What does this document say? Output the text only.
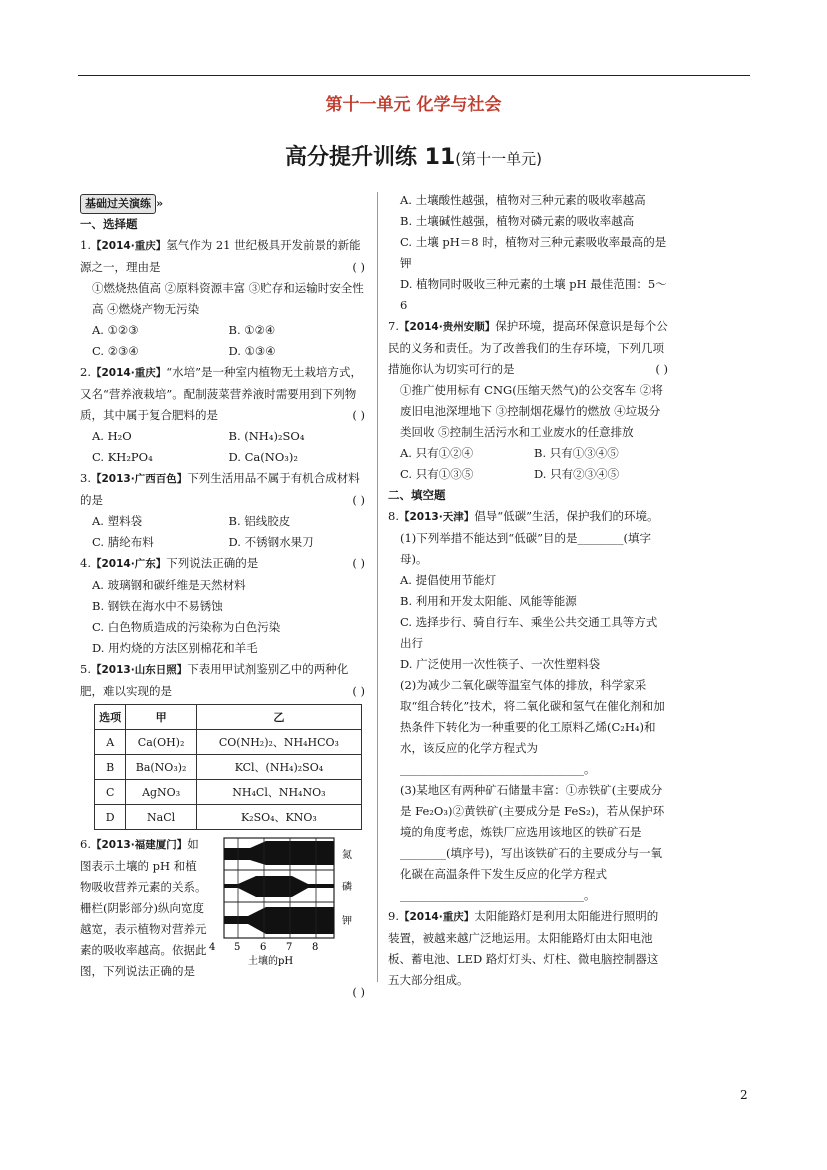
第十一单元 化学与社会
高分提升训练 11(第十一单元)
基础过关演练 »
一、选择题
1.【2014·重庆】氢气作为 21 世纪极具开发前景的新能源之一，理由是	( )
①燃烧热值高 ②原料资源丰富 ③贮存和运输时安全性高 ④燃烧产物无污染
A. ①②③	B. ①②④
C. ②③④	D. ①③④
2.【2014·重庆】“水培”是一种室内植物无土栽培方式，又名“营养液栽培”。配制菠菜营养液时需要用到下列物质，其中属于复合肥料的是	( )
A. H₂O	B. (NH₄)₂SO₄
C. KH₂PO₄	D. Ca(NO₃)₂
3.【2013·广西百色】下列生活用品不属于有机合成材料的是	( )
A. 塑料袋	B. 铝线胶皮
C. 腈纶布料	D. 不锈钢水果刀
4.【2014·广东】下列说法正确的是	( )
A. 玻璃钢和碳纤维是天然材料
B. 钢铁在海水中不易锈蚀
C. 白色物质造成的污染称为白色污染
D. 用灼烧的方法区别棉花和羊毛
5.【2013·山东日照】下表用甲试剂鉴别乙中的两种化肥，难以实现的是	( )
选项	甲	乙
A	Ca(OH)₂	CO(NH₂)₂、NH₄HCO₃
B	Ba(NO₃)₂	KCl、(NH₄)₂SO₄
C	AgNO₃	NH₄Cl、NH₄NO₃
D	NaCl	K₂SO₄、KNO₃
6.【2013·福建厦门】如图表示土壤的 pH 和植物吸收营养元素的关系。栅栏(阴影部分)纵向宽度越宽，表示植物对营养元素的吸收率越高。依据此图，下列说法正确的是
氮
磷
钾
4 5 6 7 8
土壤的pH
( )
A. 土壤酸性越强，植物对三种元素的吸收率越高
B. 土壤碱性越强，植物对磷元素的吸收率越高
C. 土壤 pH＝8 时，植物对三种元素吸收率最高的是钾
D. 植物同时吸收三种元素的土壤 pH 最佳范围：5～6
7.【2014·贵州安顺】保护环境，提高环保意识是每个公民的义务和责任。为了改善我们的生存环境，下列几项措施你认为切实可行的是	( )
①推广使用标有 CNG(压缩天然气)的公交客车 ②将废旧电池深埋地下 ③控制烟花爆竹的燃放 ④垃圾分类回收 ⑤控制生活污水和工业废水的任意排放
A. 只有①②④	B. 只有①③④⑤
C. 只有①③⑤	D. 只有②③④⑤
二、填空题
8.【2013·天津】倡导“低碳”生活，保护我们的环境。
(1)下列举措不能达到“低碳”目的是________(填字母)。
A. 提倡使用节能灯
B. 利用和开发太阳能、风能等能源
C. 选择步行、骑自行车、乘坐公共交通工具等方式出行
D. 广泛使用一次性筷子、一次性塑料袋
(2)为减少二氧化碳等温室气体的排放，科学家采取“组合转化”技术，将二氧化碳和氢气在催化剂和加热条件下转化为一种重要的化工原料乙烯(C₂H₄)和水，该反应的化学方程式为________________________________。
(3)某地区有两种矿石储量丰富：①赤铁矿(主要成分是 Fe₂O₃)②黄铁矿(主要成分是 FeS₂)，若从保护环境的角度考虑，炼铁厂应选用该地区的铁矿石是________(填序号)，写出该铁矿石的主要成分与一氧化碳在高温条件下发生反应的化学方程式________________________________。
9.【2014·重庆】太阳能路灯是利用太阳能进行照明的装置，被越来越广泛地运用。太阳能路灯由太阳电池板、蓄电池、LED 路灯灯头、灯柱、微电脑控制器这五大部分组成。
2
